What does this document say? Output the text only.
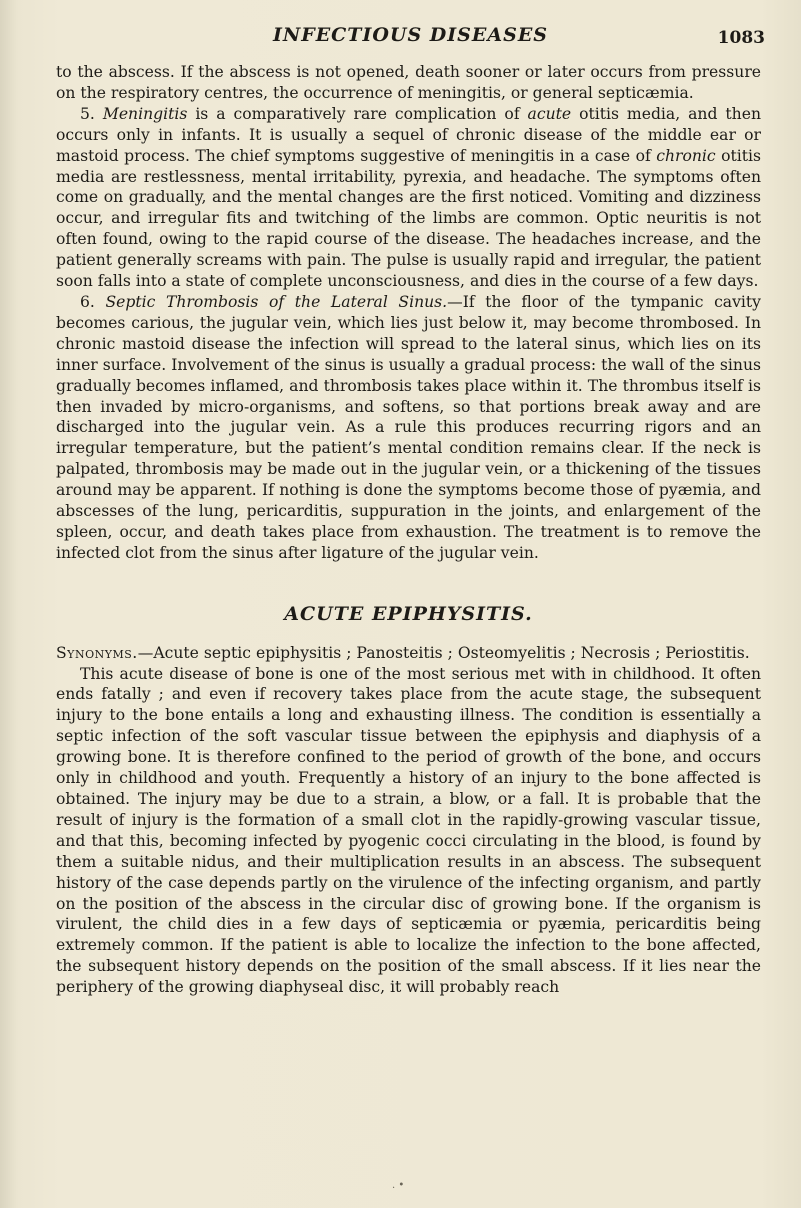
INFECTIOUS DISEASES	1083

to the abscess. If the abscess is not opened, death sooner or later occurs from pressure on the respiratory centres, the occurrence of meningitis, or general septicæmia.

5. Meningitis is a comparatively rare complication of acute otitis media, and then occurs only in infants. It is usually a sequel of chronic disease of the middle ear or mastoid process. The chief symptoms suggestive of meningitis in a case of chronic otitis media are restlessness, mental irritability, pyrexia, and headache. The symptoms often come on gradually, and the mental changes are the first noticed. Vomiting and dizziness occur, and irregular fits and twitching of the limbs are common. Optic neuritis is not often found, owing to the rapid course of the disease. The headaches increase, and the patient generally screams with pain. The pulse is usually rapid and irregular, the patient soon falls into a state of complete unconsciousness, and dies in the course of a few days.

6. Septic Thrombosis of the Lateral Sinus.—If the floor of the tympanic cavity becomes carious, the jugular vein, which lies just below it, may become thrombosed. In chronic mastoid disease the infection will spread to the lateral sinus, which lies on its inner surface. Involvement of the sinus is usually a gradual process: the wall of the sinus gradually becomes inflamed, and thrombosis takes place within it. The thrombus itself is then invaded by micro-organisms, and softens, so that portions break away and are discharged into the jugular vein. As a rule this produces recurring rigors and an irregular temperature, but the patient’s mental condition remains clear. If the neck is palpated, thrombosis may be made out in the jugular vein, or a thickening of the tissues around may be apparent. If nothing is done the symptoms become those of pyæmia, and abscesses of the lung, pericarditis, suppuration in the joints, and enlargement of the spleen, occur, and death takes place from exhaustion. The treatment is to remove the infected clot from the sinus after ligature of the jugular vein.

ACUTE EPIPHYSITIS.

Synonyms.—Acute septic epiphysitis ; Panosteitis ; Osteomyelitis ; Necrosis ; Periostitis.

This acute disease of bone is one of the most serious met with in childhood. It often ends fatally ; and even if recovery takes place from the acute stage, the subsequent injury to the bone entails a long and exhausting illness. The condition is essentially a septic infection of the soft vascular tissue between the epiphysis and diaphysis of a growing bone. It is therefore confined to the period of growth of the bone, and occurs only in childhood and youth. Frequently a history of an injury to the bone affected is obtained. The injury may be due to a strain, a blow, or a fall. It is probable that the result of injury is the formation of a small clot in the rapidly-growing vascular tissue, and that this, becoming infected by pyogenic cocci circulating in the blood, is found by them a suitable nidus, and their multiplication results in an abscess. The subsequent history of the case depends partly on the virulence of the infecting organism, and partly on the position of the abscess in the circular disc of growing bone. If the organism is virulent, the child dies in a few days of septicæmia or pyæmia, pericarditis being extremely common. If the patient is able to localize the infection to the bone affected, the subsequent history depends on the position of the small abscess. If it lies near the periphery of the growing diaphyseal disc, it will probably reach

. •
